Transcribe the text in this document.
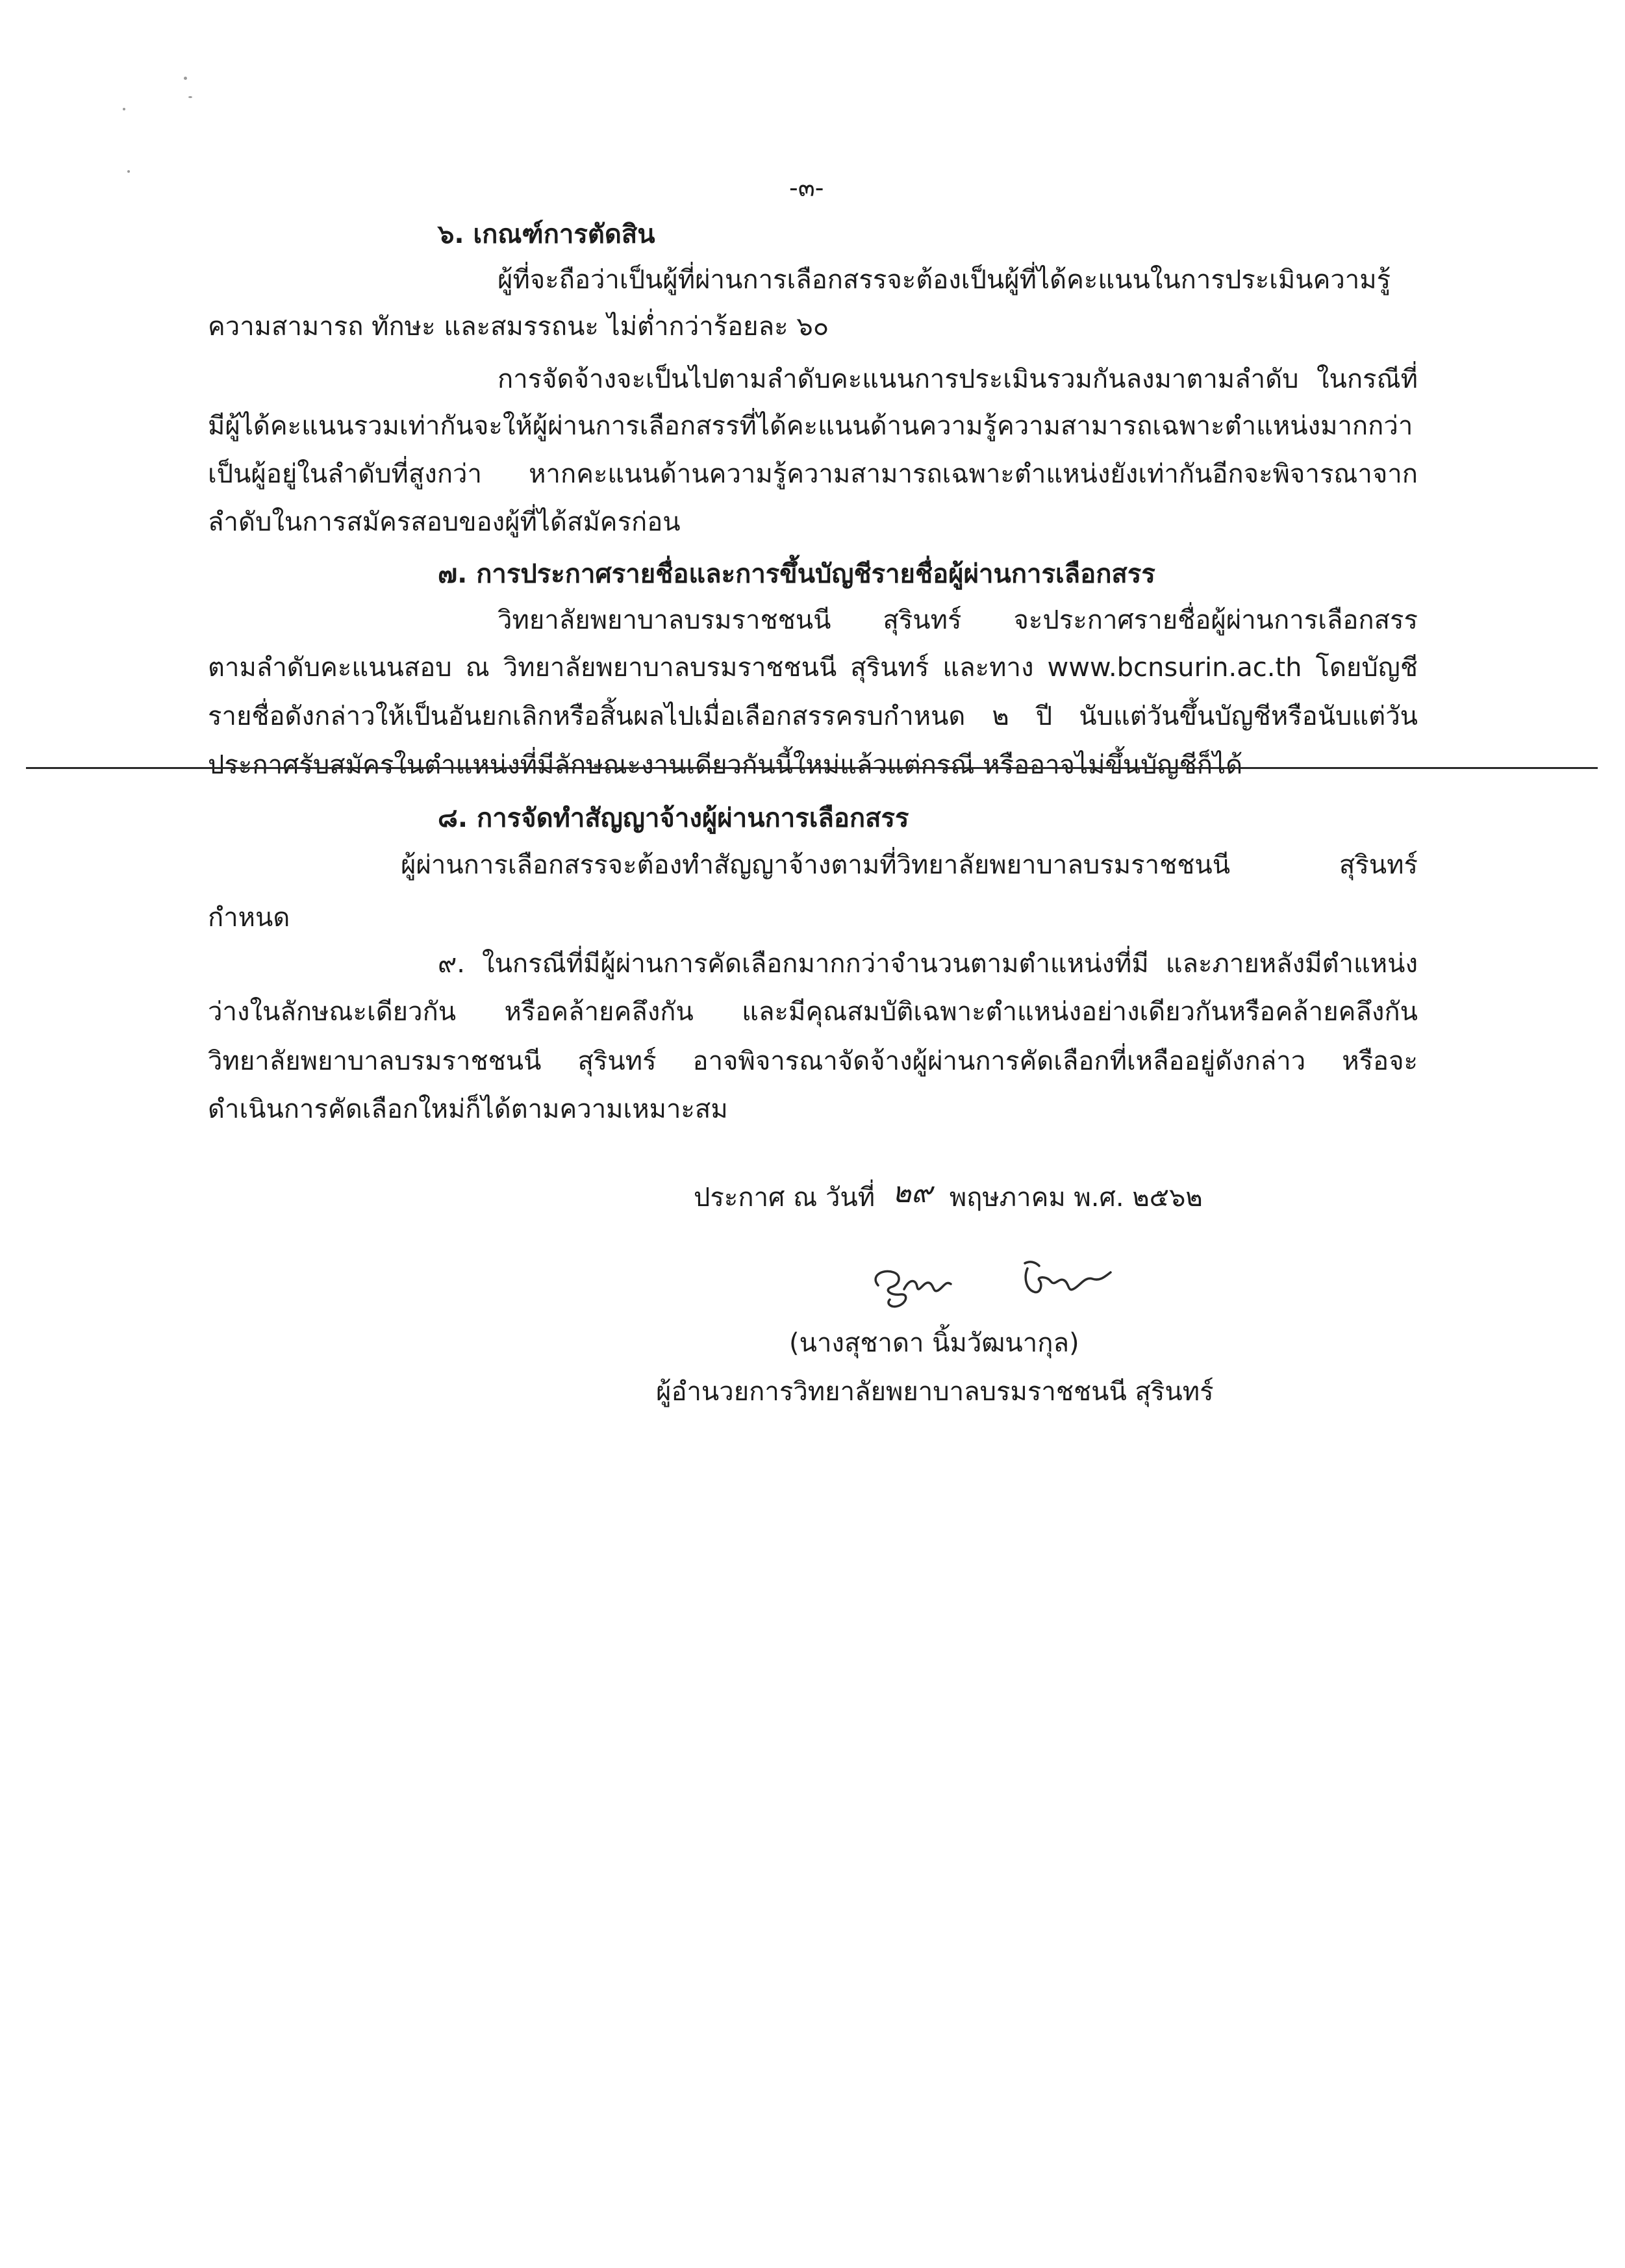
-๓-
๖. เกณฑ์การตัดสิน
ผู้ที่จะถือว่าเป็นผู้ที่ผ่านการเลือกสรรจะต้องเป็นผู้ที่ได้คะแนนในการประเมินความรู้
ความสามารถ ทักษะ และสมรรถนะ ไม่ต่ำกว่าร้อยละ ๖๐
การจัดจ้างจะเป็นไปตามลำดับคะแนนการประเมินรวมกันลงมาตามลำดับ ในกรณีที่
มีผู้ได้คะแนนรวมเท่ากันจะให้ผู้ผ่านการเลือกสรรที่ได้คะแนนด้านความรู้ความสามารถเฉพาะตำแหน่งมากกว่า
เป็นผู้อยู่ในลำดับที่สูงกว่า หากคะแนนด้านความรู้ความสามารถเฉพาะตำแหน่งยังเท่ากันอีกจะพิจารณาจาก
ลำดับในการสมัครสอบของผู้ที่ได้สมัครก่อน
๗. การประกาศรายชื่อและการขึ้นบัญชีรายชื่อผู้ผ่านการเลือกสรร
วิทยาลัยพยาบาลบรมราชชนนี สุรินทร์ จะประกาศรายชื่อผู้ผ่านการเลือกสรร
ตามลำดับคะแนนสอบ ณ วิทยาลัยพยาบาลบรมราชชนนี สุรินทร์ และทาง www.bcnsurin.ac.th โดยบัญชี
รายชื่อดังกล่าวให้เป็นอันยกเลิกหรือสิ้นผลไปเมื่อเลือกสรรครบกำหนด ๒ ปี นับแต่วันขึ้นบัญชีหรือนับแต่วัน
ประกาศรับสมัครในตำแหน่งที่มีลักษณะงานเดียวกันนี้ใหม่แล้วแต่กรณี หรืออาจไม่ขึ้นบัญชีก็ได้
๘. การจัดทำสัญญาจ้างผู้ผ่านการเลือกสรร
ผู้ผ่านการเลือกสรรจะต้องทำสัญญาจ้างตามที่วิทยาลัยพยาบาลบรมราชชนนี สุรินทร์
กำหนด
๙. ในกรณีที่มีผู้ผ่านการคัดเลือกมากกว่าจำนวนตามตำแหน่งที่มี และภายหลังมีตำแหน่ง
ว่างในลักษณะเดียวกัน หรือคล้ายคลึงกัน และมีคุณสมบัติเฉพาะตำแหน่งอย่างเดียวกันหรือคล้ายคลึงกัน
วิทยาลัยพยาบาลบรมราชชนนี สุรินทร์ อาจพิจารณาจัดจ้างผู้ผ่านการคัดเลือกที่เหลืออยู่ดังกล่าว หรือจะ
ดำเนินการคัดเลือกใหม่ก็ได้ตามความเหมาะสม
ประกาศ ณ วันที่ ๒๙ พฤษภาคม พ.ศ. ๒๕๖๒
(นางสุชาดา นิ้มวัฒนากุล)
ผู้อำนวยการวิทยาลัยพยาบาลบรมราชชนนี สุรินทร์
